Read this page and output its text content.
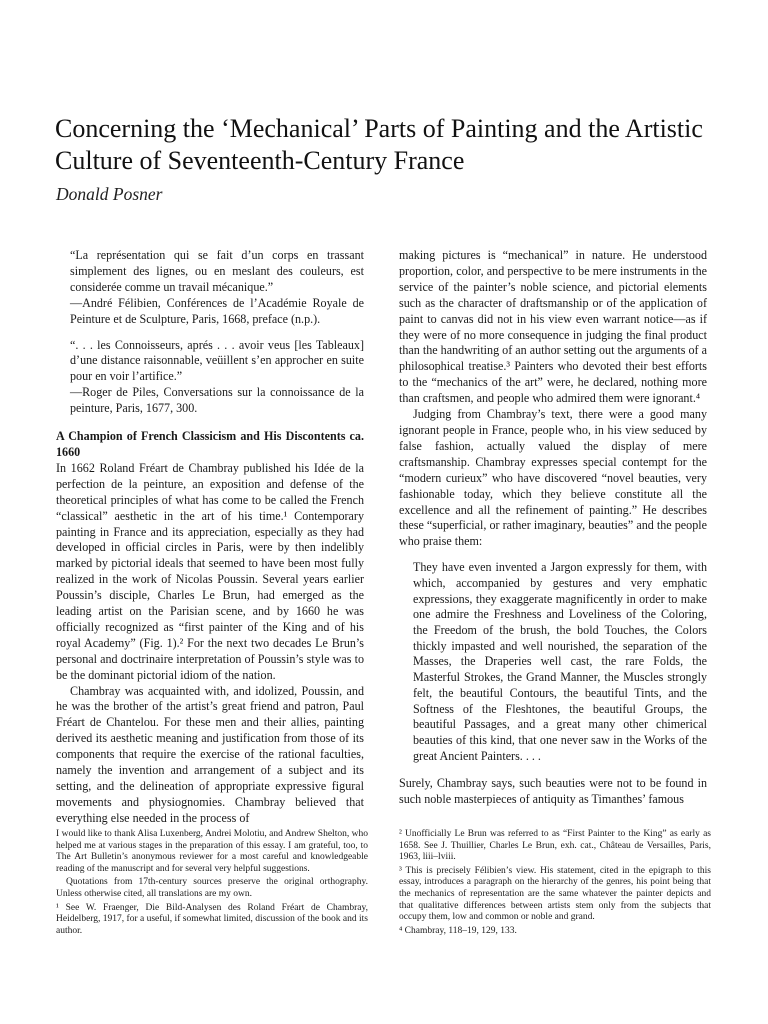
Concerning the ‘Mechanical’ Parts of Painting and the Artistic Culture of Seventeenth-Century France
Donald Posner

“La représentation qui se fait d’un corps en trassant simplement des lignes, ou en meslant des couleurs, est considerée comme un travail mécanique.”

—André Félibien, Conférences de l’Académie Royale de Peinture et de Sculpture, Paris, 1668, preface (n.p.).

“. . . les Connoisseurs, aprés . . . avoir veus [les Tableaux] d’une distance raisonnable, veüillent s’en approcher en suite pour en voir l’artifice.”

—Roger de Piles, Conversations sur la connoissance de la peinture, Paris, 1677, 300.

A Champion of French Classicism and His Discontents ca. 1660

In 1662 Roland Fréart de Chambray published his Idée de la perfection de la peinture, an exposition and defense of the theoretical principles of what has come to be called the French “classical” aesthetic in the art of his time.¹ Contemporary painting in France and its appreciation, especially as they had developed in official circles in Paris, were by then indelibly marked by pictorial ideals that seemed to have been most fully realized in the work of Nicolas Poussin. Several years earlier Poussin’s disciple, Charles Le Brun, had emerged as the leading artist on the Parisian scene, and by 1660 he was officially recognized as “first painter of the King and of his royal Academy” (Fig. 1).² For the next two decades Le Brun’s personal and doctrinaire interpretation of Poussin’s style was to be the dominant pictorial idiom of the nation.

Chambray was acquainted with, and idolized, Poussin, and he was the brother of the artist’s great friend and patron, Paul Fréart de Chantelou. For these men and their allies, painting derived its aesthetic meaning and justification from those of its components that require the exercise of the rational faculties, namely the invention and arrangement of a subject and its setting, and the delineation of appropriate expressive figural movements and physiognomies. Chambray believed that everything else needed in the process of

making pictures is “mechanical” in nature. He understood proportion, color, and perspective to be mere instruments in the service of the painter’s noble science, and pictorial elements such as the character of draftsmanship or of the application of paint to canvas did not in his view even warrant notice—as if they were of no more consequence in judging the final product than the handwriting of an author setting out the arguments of a philosophical treatise.³ Painters who devoted their best efforts to the “mechanics of the art” were, he declared, nothing more than craftsmen, and people who admired them were ignorant.⁴

Judging from Chambray’s text, there were a good many ignorant people in France, people who, in his view seduced by false fashion, actually valued the display of mere craftsmanship. Chambray expresses special contempt for the “modern curieux” who have discovered “novel beauties, very fashionable today, which they believe constitute all the excellence and all the refinement of painting.” He describes these “superficial, or rather imaginary, beauties” and the people who praise them:

They have even invented a Jargon expressly for them, with which, accompanied by gestures and very emphatic expressions, they exaggerate magnificently in order to make one admire the Freshness and Loveliness of the Coloring, the Freedom of the brush, the bold Touches, the Colors thickly impasted and well nourished, the separation of the Masses, the Draperies well cast, the rare Folds, the Masterful Strokes, the Grand Manner, the Muscles strongly felt, the beautiful Contours, the beautiful Tints, and the Softness of the Fleshtones, the beautiful Groups, the beautiful Passages, and a great many other chimerical beauties of this kind, that one never saw in the Works of the great Ancient Painters. . . .

Surely, Chambray says, such beauties were not to be found in such noble masterpieces of antiquity as Timanthes’ famous

I would like to thank Alisa Luxenberg, Andrei Molotiu, and Andrew Shelton, who helped me at various stages in the preparation of this essay. I am grateful, too, to The Art Bulletin’s anonymous reviewer for a most careful and knowledgeable reading of the manuscript and for several very helpful suggestions.

Quotations from 17th-century sources preserve the original orthography. Unless otherwise cited, all translations are my own.

¹ See W. Fraenger, Die Bild-Analysen des Roland Fréart de Chambray, Heidelberg, 1917, for a useful, if somewhat limited, discussion of the book and its author.

² Unofficially Le Brun was referred to as “First Painter to the King” as early as 1658. See J. Thuillier, Charles Le Brun, exh. cat., Château de Versailles, Paris, 1963, liii–lviii.

³ This is precisely Félibien’s view. His statement, cited in the epigraph to this essay, introduces a paragraph on the hierarchy of the genres, his point being that the mechanics of representation are the same whatever the painter depicts and that qualitative differences between artists stem only from the subjects that occupy them, low and common or noble and grand.

⁴ Chambray, 118–19, 129, 133.
